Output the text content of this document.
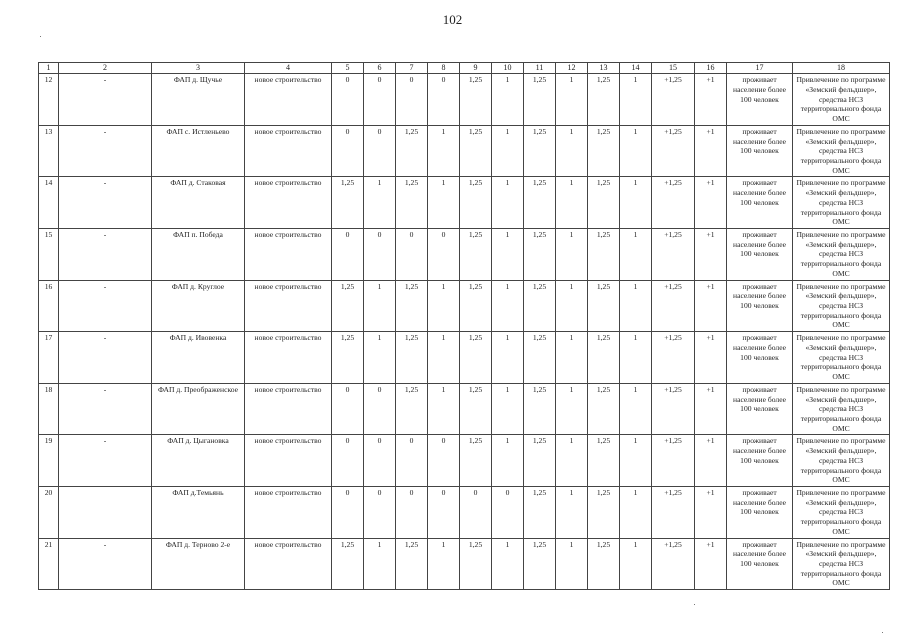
102
1	2	3	4	5	6	7	8	9	10	11	12	13	14	15	16	17	18
12	-	ФАП д. Щучье	новое строительство	0	0	0	0	1,25	1	1,25	1	1,25	1	+1,25	+1	проживает население более 100 человек	Привлечение по программе «Земский фельдшер», средства НСЗ территориального фонда ОМС
13	-	ФАП с. Истленьево	новое строительство	0	0	1,25	1	1,25	1	1,25	1	1,25	1	+1,25	+1	проживает население более 100 человек	Привлечение по программе «Земский фельдшер», средства НСЗ территориального фонда ОМС
14	-	ФАП д. Стаковая	новое строительство	1,25	1	1,25	1	1,25	1	1,25	1	1,25	1	+1,25	+1	проживает население более 100 человек	Привлечение по программе «Земский фельдшер», средства НСЗ территориального фонда ОМС
15	-	ФАП п. Победа	новое строительство	0	0	0	0	1,25	1	1,25	1	1,25	1	+1,25	+1	проживает население более 100 человек	Привлечение по программе «Земский фельдшер», средства НСЗ территориального фонда ОМС
16	-	ФАП д. Круглое	новое строительство	1,25	1	1,25	1	1,25	1	1,25	1	1,25	1	+1,25	+1	проживает население более 100 человек	Привлечение по программе «Земский фельдшер», средства НСЗ территориального фонда ОМС
17	-	ФАП д. Ивовенка	новое строительство	1,25	1	1,25	1	1,25	1	1,25	1	1,25	1	+1,25	+1	проживает население более 100 человек	Привлечение по программе «Земский фельдшер», средства НСЗ территориального фонда ОМС
18	-	ФАП д. Преображенское	новое строительство	0	0	1,25	1	1,25	1	1,25	1	1,25	1	+1,25	+1	проживает население более 100 человек	Привлечение по программе «Земский фельдшер», средства НСЗ территориального фонда ОМС
19	-	ФАП д. Цыгановка	новое строительство	0	0	0	0	1,25	1	1,25	1	1,25	1	+1,25	+1	проживает население более 100 человек	Привлечение по программе «Земский фельдшер», средства НСЗ территориального фонда ОМС
20		ФАП д.Темьянь	новое строительство	0	0	0	0	0	0	1,25	1	1,25	1	+1,25	+1	проживает население более 100 человек	Привлечение по программе «Земский фельдшер», средства НСЗ территориального фонда ОМС
21	-	ФАП д. Терново 2-е	новое строительство	1,25	1	1,25	1	1,25	1	1,25	1	1,25	1	+1,25	+1	проживает население более 100 человек	Привлечение по программе «Земский фельдшер», средства НСЗ территориального фонда ОМС
